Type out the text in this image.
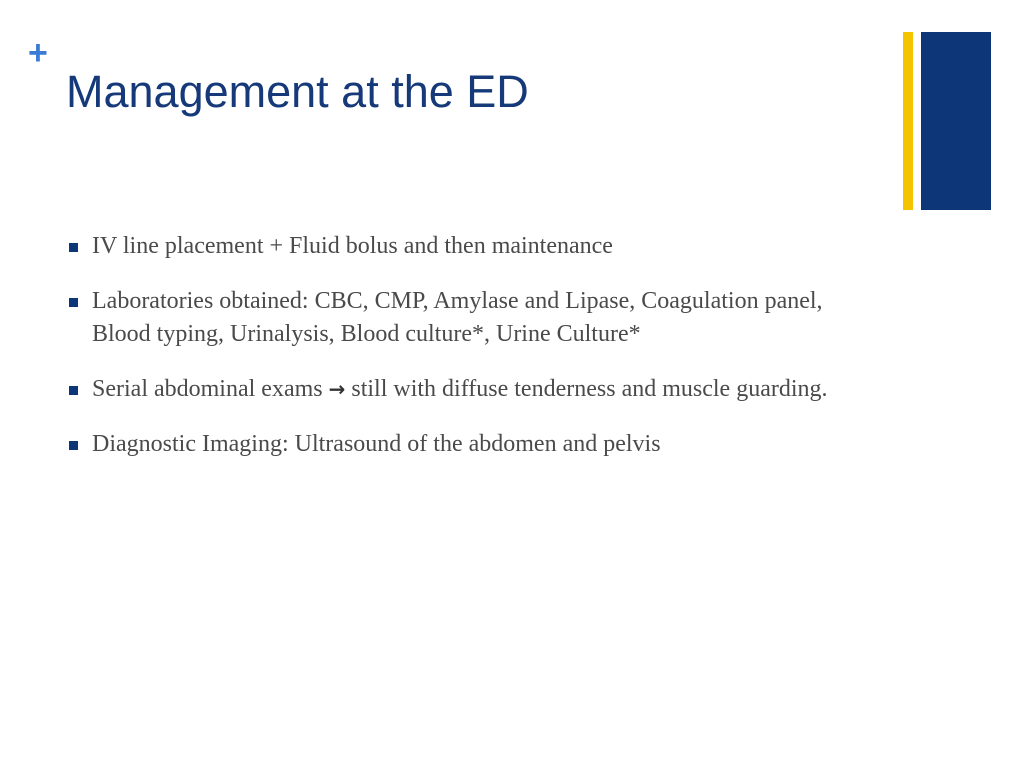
+
Management at the ED
IV line placement + Fluid bolus and then maintenance
Laboratories obtained: CBC, CMP, Amylase and Lipase, Coagulation panel, Blood typing, Urinalysis, Blood culture*, Urine Culture*
Serial abdominal exams → still with diffuse tenderness and muscle guarding.
Diagnostic Imaging: Ultrasound of the abdomen and pelvis
